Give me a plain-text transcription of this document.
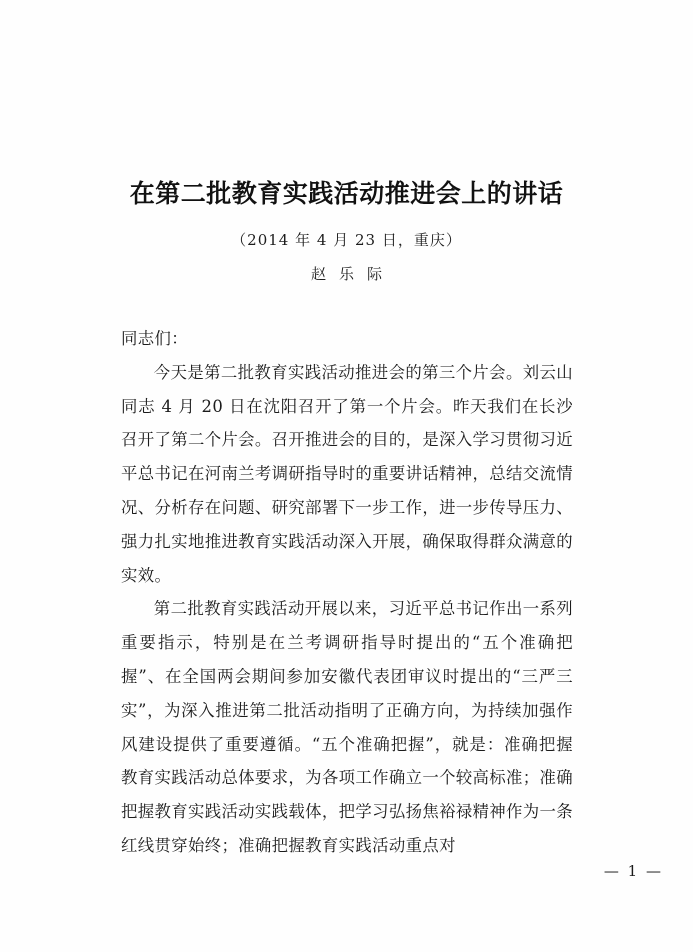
在第二批教育实践活动推进会上的讲话
（2014 年 4 月 23 日，重庆）
赵乐际

同志们：

今天是第二批教育实践活动推进会的第三个片会。刘云山同志 4 月 20 日在沈阳召开了第一个片会。昨天我们在长沙召开了第二个片会。召开推进会的目的，是深入学习贯彻习近平总书记在河南兰考调研指导时的重要讲话精神，总结交流情况、分析存在问题、研究部署下一步工作，进一步传导压力、强力扎实地推进教育实践活动深入开展，确保取得群众满意的实效。

第二批教育实践活动开展以来，习近平总书记作出一系列重要指示，特别是在兰考调研指导时提出的“五个准确把握”、在全国两会期间参加安徽代表团审议时提出的“三严三实”，为深入推进第二批活动指明了正确方向，为持续加强作风建设提供了重要遵循。“五个准确把握”，就是：准确把握教育实践活动总体要求，为各项工作确立一个较高标准；准确把握教育实践活动实践载体，把学习弘扬焦裕禄精神作为一条红线贯穿始终；准确把握教育实践活动重点对

— 1 —
